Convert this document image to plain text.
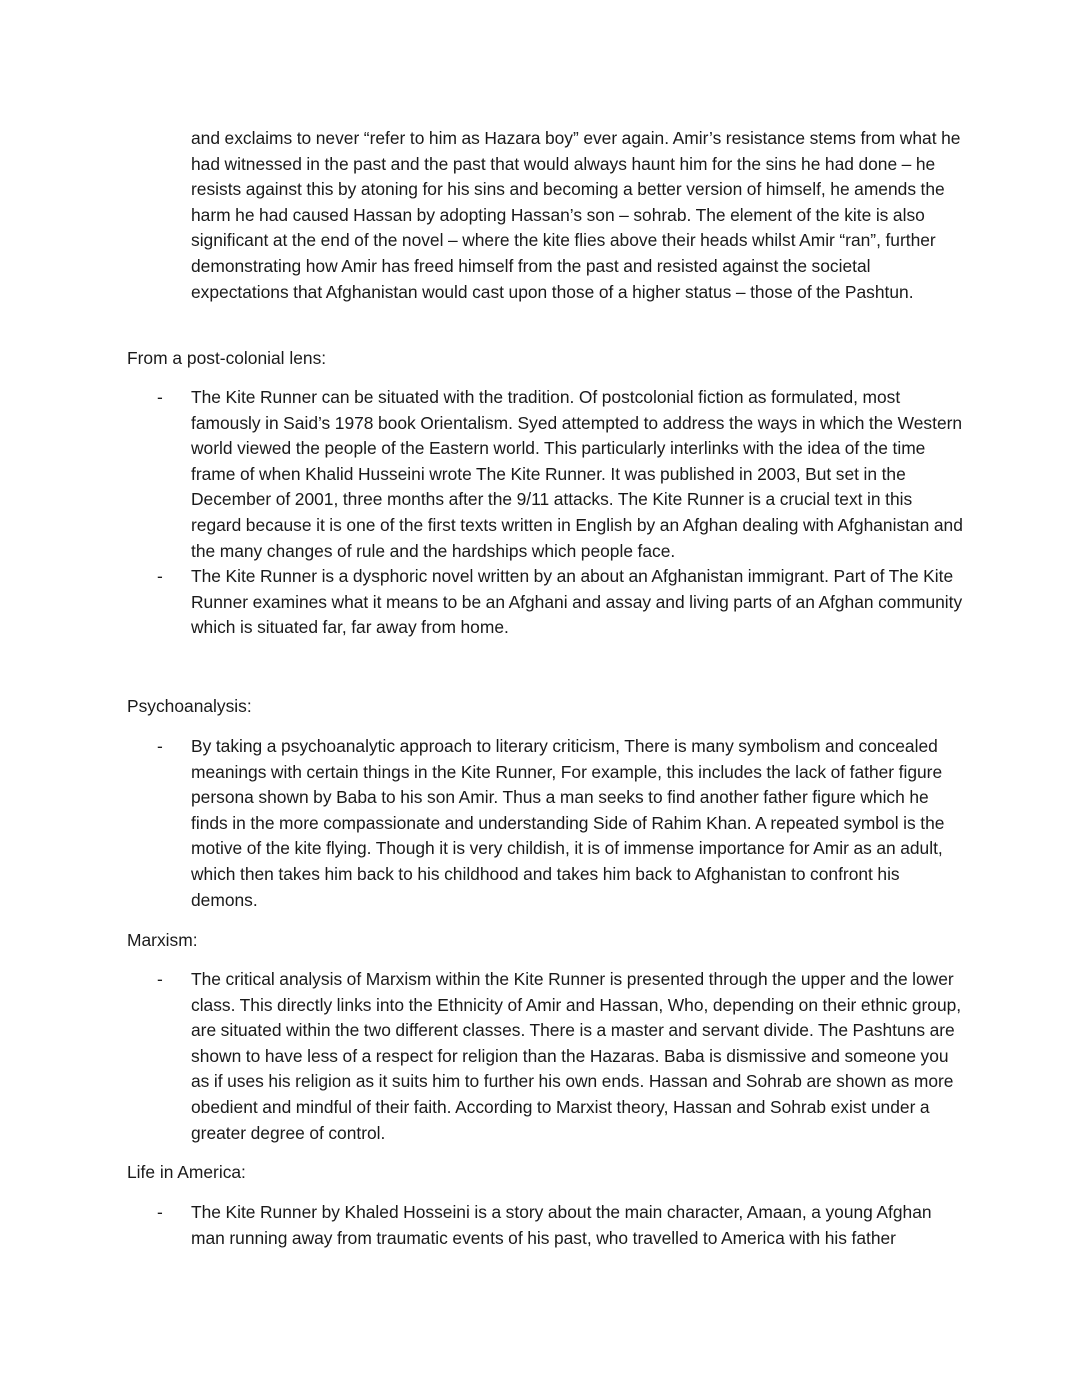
and exclaims to never “refer to him as Hazara boy” ever again. Amir’s resistance stems from what he had witnessed in the past and the past that would always haunt him for the sins he had done – he resists against this by atoning for his sins and becoming a better version of himself, he amends the harm he had caused Hassan by adopting Hassan’s son – sohrab. The element of the kite is also significant at the end of the novel – where the kite flies above their heads whilst Amir “ran”, further demonstrating how Amir has freed himself from the past and resisted against the societal expectations that Afghanistan would cast upon those of a higher status – those of the Pashtun.

From a post-colonial lens:

- The Kite Runner can be situated with the tradition. Of postcolonial fiction as formulated, most famously in Said’s 1978 book Orientalism. Syed attempted to address the ways in which the Western world viewed the people of the Eastern world. This particularly interlinks with the idea of the time frame of when Khalid Husseini wrote The Kite Runner. It was published in 2003, But set in the December of 2001, three months after the 9/11 attacks. The Kite Runner is a crucial text in this regard because it is one of the first texts written in English by an Afghan dealing with Afghanistan and the many changes of rule and the hardships which people face.

- The Kite Runner is a dysphoric novel written by an about an Afghanistan immigrant. Part of The Kite Runner examines what it means to be an Afghani and assay and living parts of an Afghan community which is situated far, far away from home.

Psychoanalysis:

- By taking a psychoanalytic approach to literary criticism, There is many symbolism and concealed meanings with certain things in the Kite Runner, For example, this includes the lack of father figure persona shown by Baba to his son Amir. Thus a man seeks to find another father figure which he finds in the more compassionate and understanding Side of Rahim Khan. A repeated symbol is the motive of the kite flying. Though it is very childish, it is of immense importance for Amir as an adult, which then takes him back to his childhood and takes him back to Afghanistan to confront his demons.

Marxism:

- The critical analysis of Marxism within the Kite Runner is presented through the upper and the lower class. This directly links into the Ethnicity of Amir and Hassan, Who, depending on their ethnic group, are situated within the two different classes. There is a master and servant divide. The Pashtuns are shown to have less of a respect for religion than the Hazaras. Baba is dismissive and someone you as if uses his religion as it suits him to further his own ends. Hassan and Sohrab are shown as more obedient and mindful of their faith. According to Marxist theory, Hassan and Sohrab exist under a greater degree of control.

Life in America:

- The Kite Runner by Khaled Hosseini is a story about the main character, Amaan, a young Afghan man running away from traumatic events of his past, who travelled to America with his father
